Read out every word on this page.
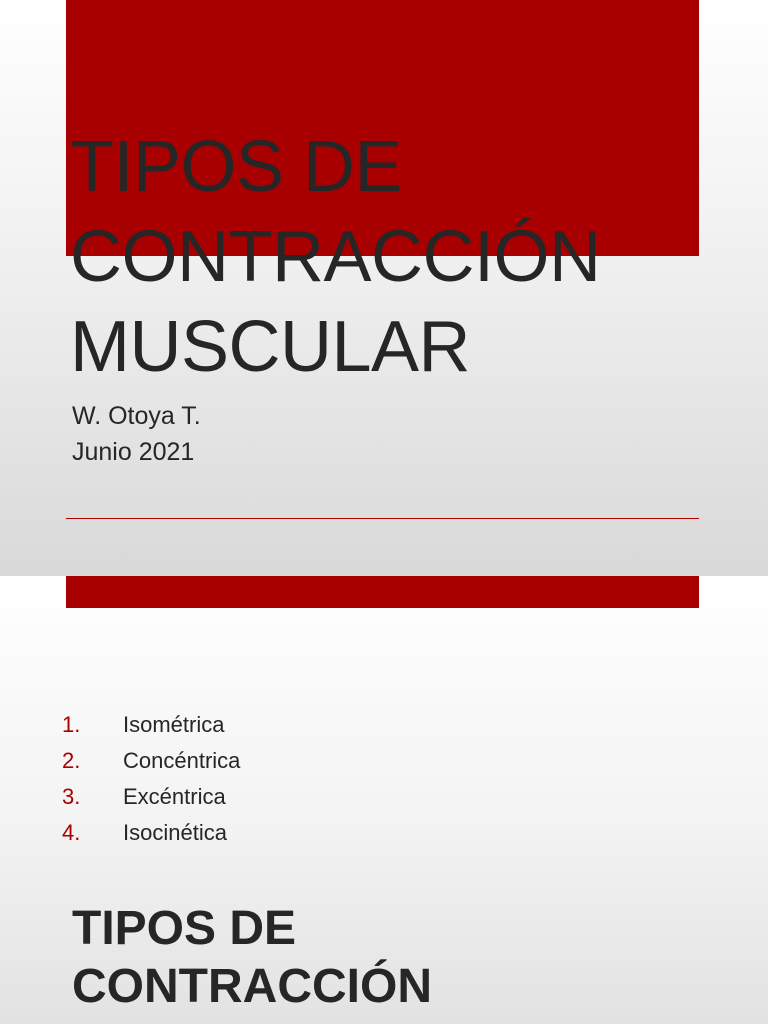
TIPOS DE
CONTRACCIÓN
MUSCULAR
W. Otoya T.
Junio 2021
1.	Isométrica
2.	Concéntrica
3.	Excéntrica
4.	Isocinética
TIPOS DE
CONTRACCIÓN
